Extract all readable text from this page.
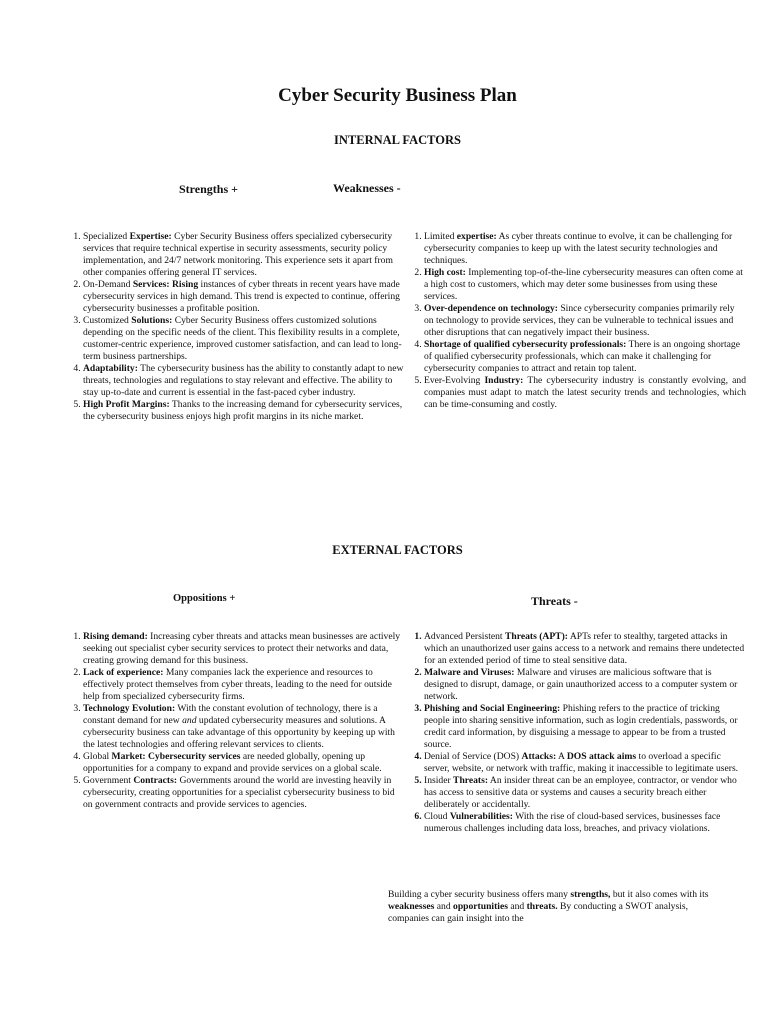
Cyber Security Business Plan
INTERNAL FACTORS
Strengths +	Weaknesses -
1. Specialized Expertise: Cyber Security Business offers specialized cybersecurity services that require technical expertise in security assessments, security policy implementation, and 24/7 network monitoring. This experience sets it apart from other companies offering general IT services.
2. On-Demand Services: Rising instances of cyber threats in recent years have made cybersecurity services in high demand. This trend is expected to continue, offering cybersecurity businesses a profitable position.
3. Customized Solutions: Cyber Security Business offers customized solutions depending on the specific needs of the client. This flexibility results in a complete, customer-centric experience, improved customer satisfaction, and can lead to long-term business partnerships.
4. Adaptability: The cybersecurity business has the ability to constantly adapt to new threats, technologies and regulations to stay relevant and effective. The ability to stay up-to-date and current is essential in the fast-paced cyber industry.
5. High Profit Margins: Thanks to the increasing demand for cybersecurity services, the cybersecurity business enjoys high profit margins in its niche market.
1. Limited expertise: As cyber threats continue to evolve, it can be challenging for cybersecurity companies to keep up with the latest security technologies and techniques.
2. High cost: Implementing top-of-the-line cybersecurity measures can often come at a high cost to customers, which may deter some businesses from using these services.
3. Over-dependence on technology: Since cybersecurity companies primarily rely on technology to provide services, they can be vulnerable to technical issues and other disruptions that can negatively impact their business.
4. Shortage of qualified cybersecurity professionals: There is an ongoing shortage of qualified cybersecurity professionals, which can make it challenging for cybersecurity companies to attract and retain top talent.
5. Ever-Evolving Industry: The cybersecurity industry is constantly evolving, and companies must adapt to match the latest security trends and technologies, which can be time-consuming and costly.
EXTERNAL FACTORS
Oppositions +	Threats -
1. Rising demand: Increasing cyber threats and attacks mean businesses are actively seeking out specialist cyber security services to protect their networks and data, creating growing demand for this business.
2. Lack of experience: Many companies lack the experience and resources to effectively protect themselves from cyber threats, leading to the need for outside help from specialized cybersecurity firms.
3. Technology Evolution: With the constant evolution of technology, there is a constant demand for new and updated cybersecurity measures and solutions. A cybersecurity business can take advantage of this opportunity by keeping up with the latest technologies and offering relevant services to clients.
4. Global Market: Cybersecurity services are needed globally, opening up opportunities for a company to expand and provide services on a global scale.
5. Government Contracts: Governments around the world are investing heavily in cybersecurity, creating opportunities for a specialist cybersecurity business to bid on government contracts and provide services to agencies.
1. Advanced Persistent Threats (APT): APTs refer to stealthy, targeted attacks in which an unauthorized user gains access to a network and remains there undetected for an extended period of time to steal sensitive data.
2. Malware and Viruses: Malware and viruses are malicious software that is designed to disrupt, damage, or gain unauthorized access to a computer system or network.
3. Phishing and Social Engineering: Phishing refers to the practice of tricking people into sharing sensitive information, such as login credentials, passwords, or credit card information, by disguising a message to appear to be from a trusted source.
4. Denial of Service (DOS) Attacks: A DOS attack aims to overload a specific server, website, or network with traffic, making it inaccessible to legitimate users.
5. Insider Threats: An insider threat can be an employee, contractor, or vendor who has access to sensitive data or systems and causes a security breach either deliberately or accidentally.
6. Cloud Vulnerabilities: With the rise of cloud-based services, businesses face numerous challenges including data loss, breaches, and privacy violations.
Building a cyber security business offers many strengths, but it also comes with its weaknesses and opportunities and threats. By conducting a SWOT analysis, companies can gain insight into the
